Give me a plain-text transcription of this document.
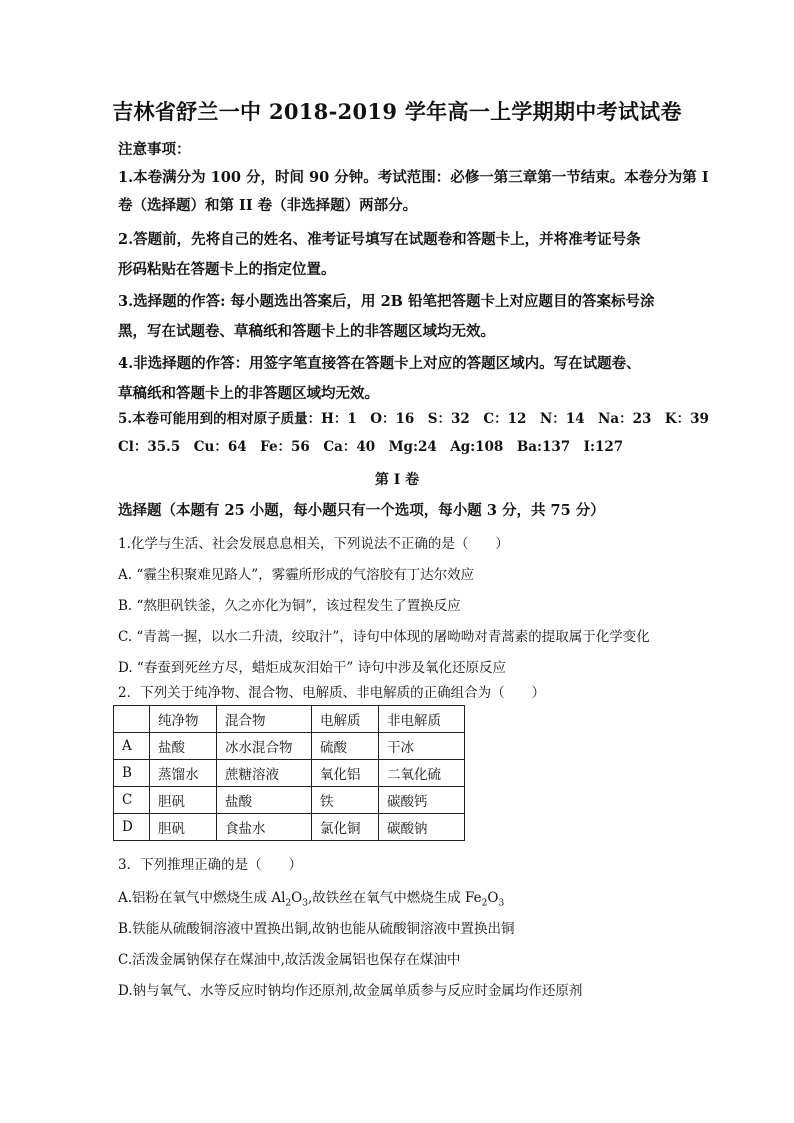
吉林省舒兰一中 2018-2019 学年高一上学期期中考试试卷
注意事项：
1.本卷满分为 100 分，时间 90 分钟。考试范围：必修一第三章第一节结束。本卷分为第 I
卷（选择题）和第 II 卷（非选择题）两部分。
2.答题前，先将自己的姓名、准考证号填写在试题卷和答题卡上，并将准考证号条
形码粘贴在答题卡上的指定位置。
3.选择题的作答: 每小题选出答案后，用 2B 铅笔把答题卡上对应题目的答案标号涂
黑，写在试题卷、草稿纸和答题卡上的非答题区域均无效。
4.非选择题的作答：用签字笔直接答在答题卡上对应的答题区域内。写在试题卷、
草稿纸和答题卡上的非答题区域均无效。
5.本卷可能用到的相对原子质量：H：1　O：16　S：32　C：12　N：14　Na：23　K：39
Cl：35.5　Cu：64　Fe：56　Ca：40　Mg:24　Ag:108　Ba:137　I:127
第 I 卷
选择题（本题有 25 小题，每小题只有一个选项，每小题 3 分，共 75 分）
1.化学与生活、社会发展息息相关，下列说法不正确的是（　　）
A. “霾尘积聚难见路人”，雾霾所形成的气溶胶有丁达尔效应
B. “熬胆矾铁釜，久之亦化为铜”，该过程发生了置换反应
C. “青蒿一握，以水二升渍，绞取汁”，诗句中体现的屠呦呦对青蒿素的提取属于化学变化
D. “春蚕到死丝方尽，蜡炬成灰泪始干” 诗句中涉及氧化还原反应
2．下列关于纯净物、混合物、电解质、非电解质的正确组合为（　　）
	纯净物	混合物	电解质	非电解质
A	盐酸	冰水混合物	硫酸	干冰
B	蒸馏水	蔗糖溶液	氧化铝	二氧化硫
C	胆矾	盐酸	铁	碳酸钙
D	胆矾	食盐水	氯化铜	碳酸钠
3．下列推理正确的是（　　）
A.铝粉在氧气中燃烧生成 $Al_2O_3$,故铁丝在氧气中燃烧生成 $Fe_2O_3$
B.铁能从硫酸铜溶液中置换出铜,故钠也能从硫酸铜溶液中置换出铜
C.活泼金属钠保存在煤油中,故活泼金属铝也保存在煤油中
D.钠与氧气、水等反应时钠均作还原剂,故金属单质参与反应时金属均作还原剂
